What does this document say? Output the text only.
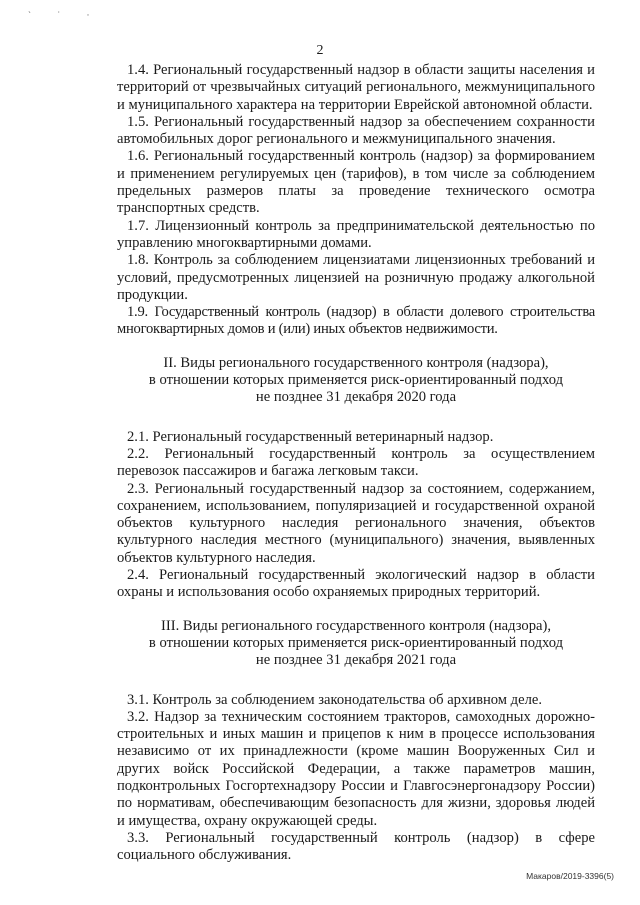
` ˙ ·
2

1.4. Региональный государственный надзор в области защиты населения и территорий от чрезвычайных ситуаций регионального, межмуниципального и муниципального характера на территории Еврейской автономной области.

1.5. Региональный государственный надзор за обеспечением сохранности автомобильных дорог регионального и межмуниципального значения.

1.6. Региональный государственный контроль (надзор) за формированием и применением регулируемых цен (тарифов), в том числе за соблюдением предельных размеров платы за проведение технического осмотра транспортных средств.

1.7. Лицензионный контроль за предпринимательской деятельностью по управлению многоквартирными домами.

1.8. Контроль за соблюдением лицензиатами лицензионных требований и условий, предусмотренных лицензией на розничную продажу алкогольной продукции.

1.9. Государственный контроль (надзор) в области долевого строительства многоквартирных домов и (или) иных объектов недвижимости.

II. Виды регионального государственного контроля (надзора),

в отношении которых применяется риск-ориентированный подход

не позднее 31 декабря 2020 года

2.1. Региональный государственный ветеринарный надзор.

2.2. Региональный государственный контроль за осуществлением перевозок пассажиров и багажа легковым такси.

2.3. Региональный государственный надзор за состоянием, содержанием, сохранением, использованием, популяризацией и государственной охраной объектов культурного наследия регионального значения, объектов культурного наследия местного (муниципального) значения, выявленных объектов культурного наследия.

2.4. Региональный государственный экологический надзор в области охраны и использования особо охраняемых природных территорий.

III. Виды регионального государственного контроля (надзора),

в отношении которых применяется риск-ориентированный подход

не позднее 31 декабря 2021 года

3.1. Контроль за соблюдением законодательства об архивном деле.

3.2. Надзор за техническим состоянием тракторов, самоходных дорожно-строительных и иных машин и прицепов к ним в процессе использования независимо от их принадлежности (кроме машин Вооруженных Сил и других войск Российской Федерации, а также параметров машин, подконтрольных Госгортехнадзору России и Главгосэнергонадзору России) по нормативам, обеспечивающим безопасность для жизни, здоровья людей и имущества, охрану окружающей среды.

3.3. Региональный государственный контроль (надзор) в сфере социального обслуживания.

Макаров/2019-3396(5)
